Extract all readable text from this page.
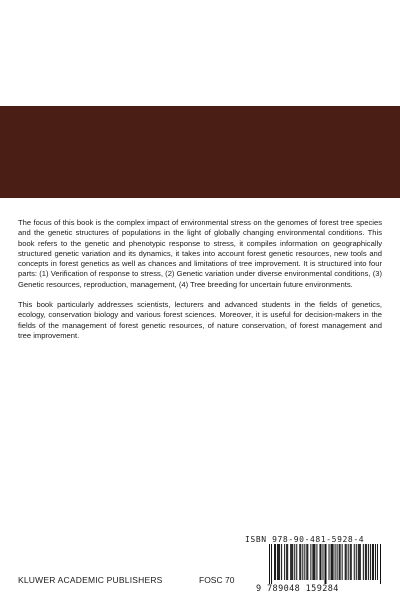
The focus of this book is the complex impact of environmental stress on the genomes of forest tree species and the genetic structures of populations in the light of globally changing environmental conditions. This book refers to the genetic and phenotypic response to stress, it compiles information on geographically structured genetic variation and its dynamics, it takes into account forest genetic resources, new tools and concepts in forest genetics as well as chances and limitations of tree improvement. It is structured into four parts: (1) Verification of response to stress, (2) Genetic variation under diverse environmental conditions, (3) Genetic resources, reproduction, management, (4) Tree breeding for uncertain future environments.

This book particularly addresses scientists, lecturers and advanced students in the fields of genetics, ecology, conservation biology and various forest sciences. Moreover, it is useful for decision-makers in the fields of the management of forest genetic resources, of nature conservation, of forest management and tree improvement.

ISBN 978-90-481-5928-4
9 789048 159284
KLUWER ACADEMIC PUBLISHERS	FOSC 70
